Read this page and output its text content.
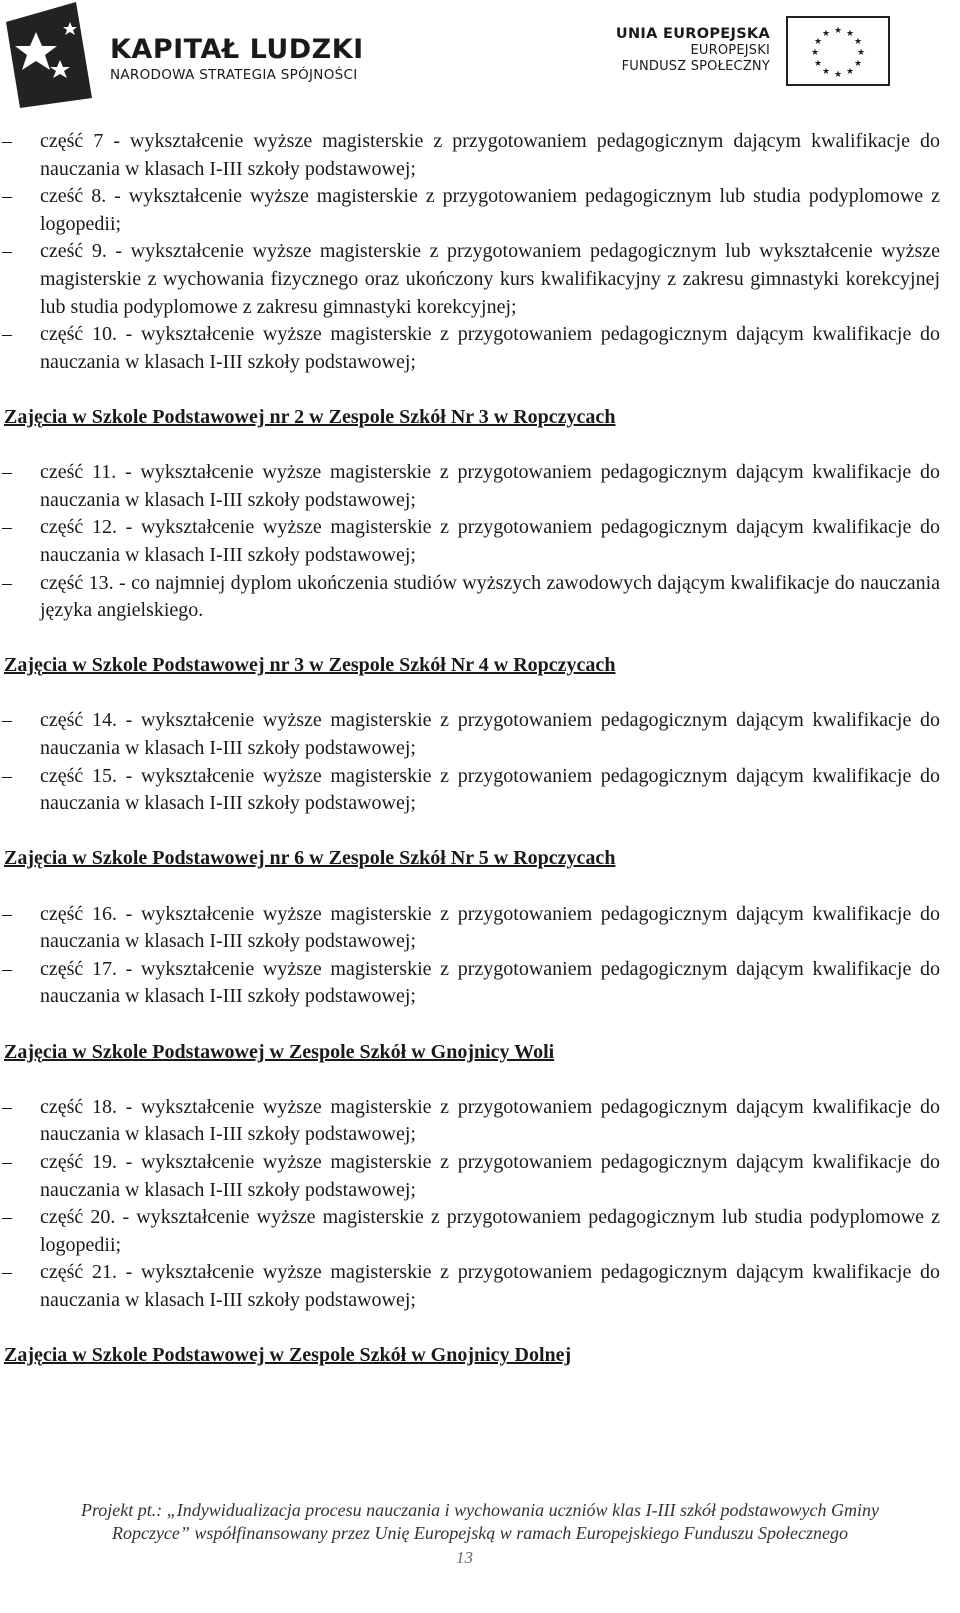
KAPITAŁ LUDZKI
NARODOWA STRATEGIA SPÓJNOŚCI
UNIA EUROPEJSKA
EUROPEJSKI
FUNDUSZ SPOŁECZNY
★ ★
★
★
★
★
★
★
★
★
★
★

– część 7 - wykształcenie wyższe magisterskie z przygotowaniem pedagogicznym dającym kwalifikacje do nauczania w klasach I-III szkoły podstawowej;

– cześć 8. - wykształcenie wyższe magisterskie z przygotowaniem pedagogicznym lub studia podyplomowe z logopedii;

– cześć 9. - wykształcenie wyższe magisterskie z przygotowaniem pedagogicznym lub wykształcenie wyższe magisterskie z wychowania fizycznego oraz ukończony kurs kwalifikacyjny z zakresu gimnastyki korekcyjnej lub studia podyplomowe z zakresu gimnastyki korekcyjnej;

– część 10. - wykształcenie wyższe magisterskie z przygotowaniem pedagogicznym dającym kwalifikacje do nauczania w klasach I-III szkoły podstawowej;

Zajęcia w Szkole Podstawowej nr 2 w Zespole Szkół Nr 3 w Ropczycach

– cześć 11. - wykształcenie wyższe magisterskie z przygotowaniem pedagogicznym dającym kwalifikacje do nauczania w klasach I-III szkoły podstawowej;

– część 12. - wykształcenie wyższe magisterskie z przygotowaniem pedagogicznym dającym kwalifikacje do nauczania w klasach I-III szkoły podstawowej;

– część 13. - co najmniej dyplom ukończenia studiów wyższych zawodowych dającym kwalifikacje do nauczania języka angielskiego.

Zajęcia w Szkole Podstawowej nr 3 w Zespole Szkół Nr 4 w Ropczycach

– część 14. - wykształcenie wyższe magisterskie z przygotowaniem pedagogicznym dającym kwalifikacje do nauczania w klasach I-III szkoły podstawowej;

– część 15. - wykształcenie wyższe magisterskie z przygotowaniem pedagogicznym dającym kwalifikacje do nauczania w klasach I-III szkoły podstawowej;

Zajęcia w Szkole Podstawowej nr 6 w Zespole Szkół Nr 5 w Ropczycach

– część 16. - wykształcenie wyższe magisterskie z przygotowaniem pedagogicznym dającym kwalifikacje do nauczania w klasach I-III szkoły podstawowej;

– część 17. - wykształcenie wyższe magisterskie z przygotowaniem pedagogicznym dającym kwalifikacje do nauczania w klasach I-III szkoły podstawowej;

Zajęcia w Szkole Podstawowej w Zespole Szkół w Gnojnicy Woli

– część 18. - wykształcenie wyższe magisterskie z przygotowaniem pedagogicznym dającym kwalifikacje do nauczania w klasach I-III szkoły podstawowej;

– część 19. - wykształcenie wyższe magisterskie z przygotowaniem pedagogicznym dającym kwalifikacje do nauczania w klasach I-III szkoły podstawowej;

– część 20. - wykształcenie wyższe magisterskie z przygotowaniem pedagogicznym lub studia podyplomowe z logopedii;

– część 21. - wykształcenie wyższe magisterskie z przygotowaniem pedagogicznym dającym kwalifikacje do nauczania w klasach I-III szkoły podstawowej;

Zajęcia w Szkole Podstawowej w Zespole Szkół w Gnojnicy Dolnej
Projekt pt.: „Indywidualizacja procesu nauczania i wychowania uczniów klas I-III szkół podstawowych Gminy
Ropczyce” współfinansowany przez Unię Europejską w ramach Europejskiego Funduszu Społecznego
13
